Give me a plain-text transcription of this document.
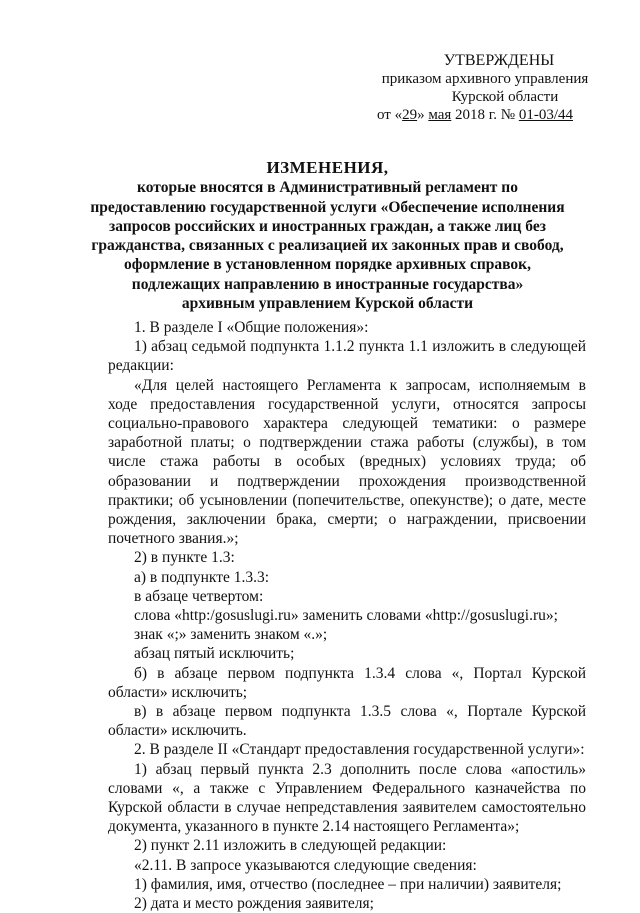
УТВЕРЖДЕНЫ
приказом архивного управления
Курской области
от «29» мая 2018 г. № 01-03/44
ИЗМЕНЕНИЯ,
которые вносятся в Административный регламент по
предоставлению государственной услуги «Обеспечение исполнения
запросов российских и иностранных граждан, а также лиц без
гражданства, связанных с реализацией их законных прав и свобод,
оформление в установленном порядке архивных справок,
подлежащих направлению в иностранные государства»
архивным управлением Курской области

1. В разделе I «Общие положения»:

1) абзац седьмой подпункта 1.1.2 пункта 1.1 изложить в следующей редакции:

«Для целей настоящего Регламента к запросам, исполняемым в ходе предоставления государственной услуги, относятся запросы социально-правового характера следующей тематики: о размере заработной платы; о подтверждении стажа работы (службы), в том числе стажа работы в особых (вредных) условиях труда; об образовании и подтверждении прохождения производственной практики; об усыновлении (попечительстве, опекунстве); о дате, месте рождения, заключении брака, смерти; о награждении, присвоении почетного звания.»;

2) в пункте 1.3:

а) в подпункте 1.3.3:

в абзаце четвертом:

слова «http:/gosuslugi.ru» заменить словами «http://gosuslugi.ru»;

знак «;» заменить знаком «.»;

абзац пятый исключить;

б) в абзаце первом подпункта 1.3.4 слова «, Портал Курской области» исключить;

в) в абзаце первом подпункта 1.3.5 слова «, Портале Курской области» исключить.

2. В разделе II «Стандарт предоставления государственной услуги»:

1) абзац первый пункта 2.3 дополнить после слова «апостиль» словами «, а также с Управлением Федерального казначейства по Курской области в случае непредставления заявителем самостоятельно документа, указанного в пункте 2.14 настоящего Регламента»;

2) пункт 2.11 изложить в следующей редакции:

«2.11. В запросе указываются следующие сведения:

1) фамилия, имя, отчество (последнее – при наличии) заявителя;

2) дата и место рождения заявителя;
